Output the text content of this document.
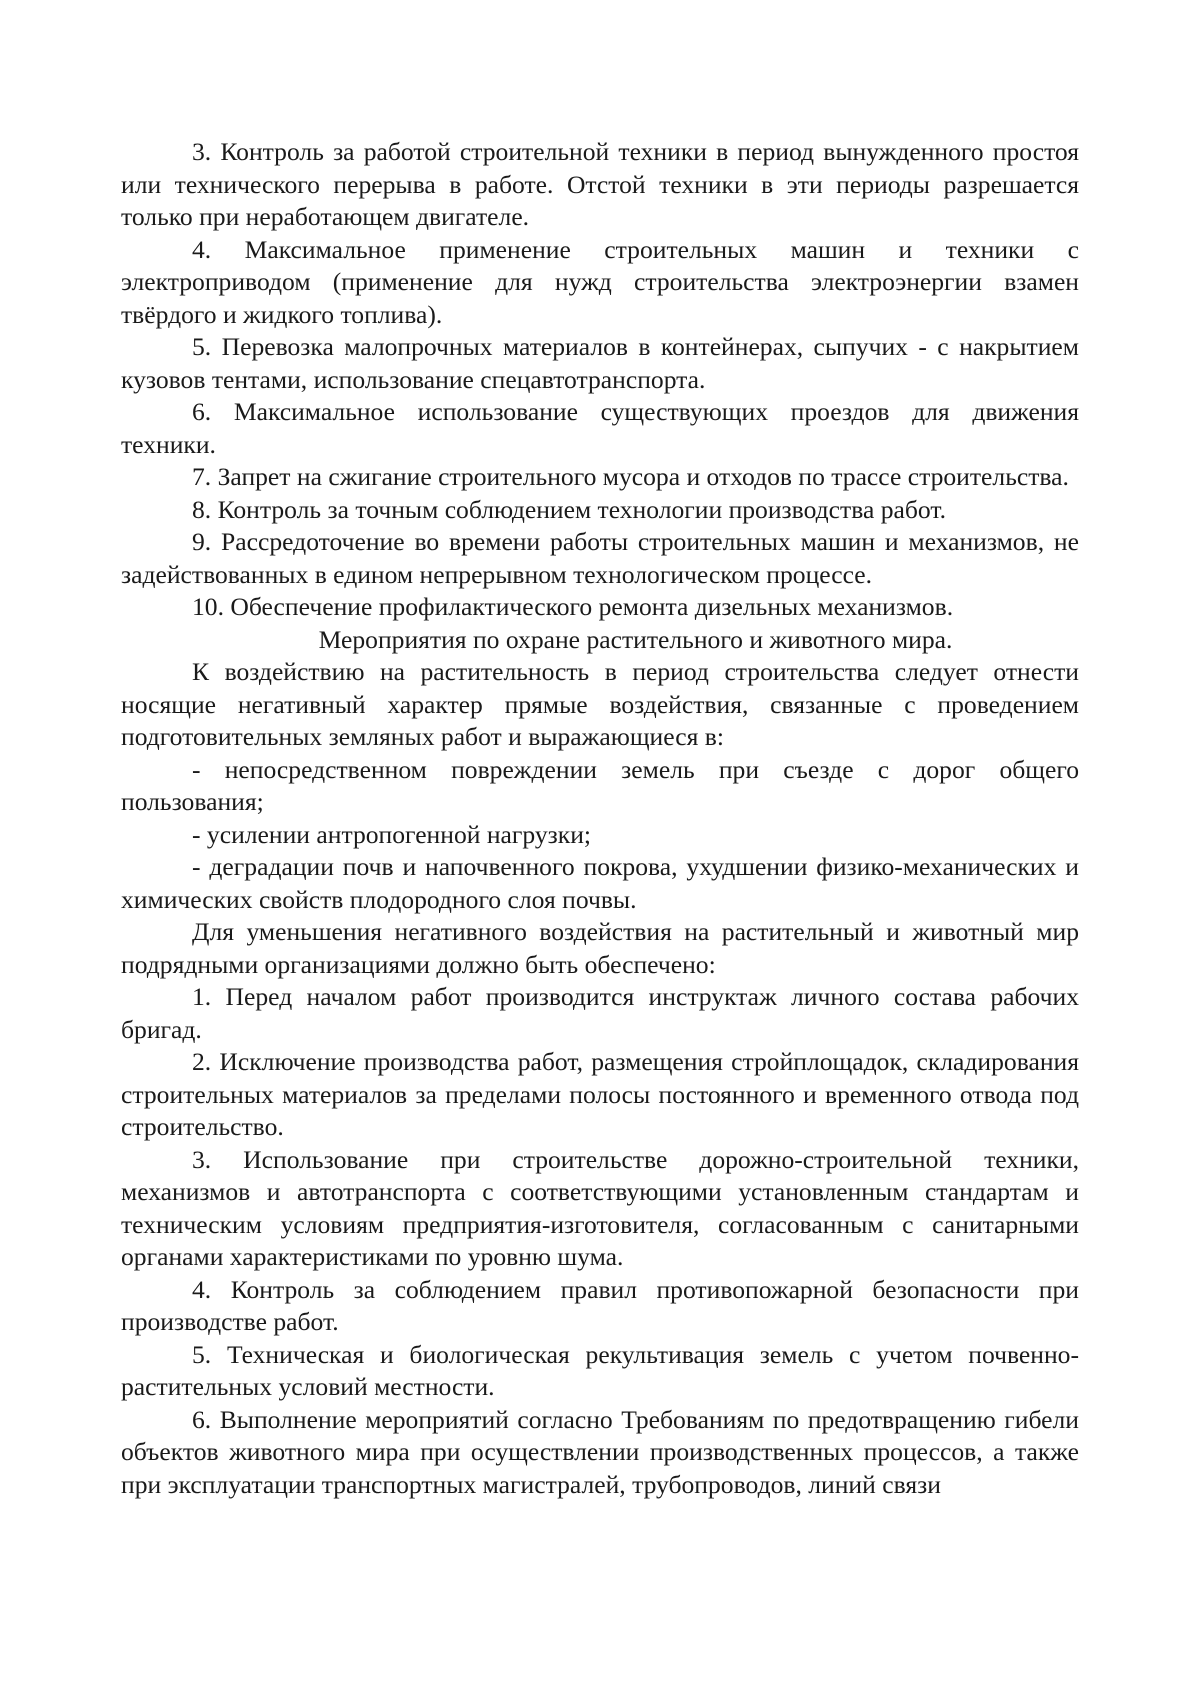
3. Контроль за работой строительной техники в период вынужденного простоя или технического перерыва в работе. Отстой техники в эти периоды разрешается только при неработающем двигателе.

4. Максимальное применение строительных машин и техники с электроприводом (применение для нужд строительства электроэнергии взамен твёрдого и жидкого топлива).

5. Перевозка малопрочных материалов в контейнерах, сыпучих - с накрытием кузовов тентами, использование спецавтотранспорта.

6. Максимальное использование существующих проездов для движения техники.

7. Запрет на сжигание строительного мусора и отходов по трассе строительства.

8. Контроль за точным соблюдением технологии производства работ.

9. Рассредоточение во времени работы строительных машин и механизмов, не задействованных в едином непрерывном технологическом процессе.

10. Обеспечение профилактического ремонта дизельных механизмов.

Мероприятия по охране растительного и животного мира.

К воздействию на растительность в период строительства следует отнести носящие негативный характер прямые воздействия, связанные с проведением подготовительных земляных работ и выражающиеся в:

- непосредственном повреждении земель при съезде с дорог общего пользования;

- усилении антропогенной нагрузки;

- деградации почв и напочвенного покрова, ухудшении физико-механических и химических свойств плодородного слоя почвы.

Для уменьшения негативного воздействия на растительный и животный мир подрядными организациями должно быть обеспечено:

1. Перед началом работ производится инструктаж личного состава рабочих бригад.

2. Исключение производства работ, размещения стройплощадок, складирования строительных материалов за пределами полосы постоянного и временного отвода под строительство.

3. Использование при строительстве дорожно-строительной техники, механизмов и автотранспорта с соответствующими установленным стандартам и техническим условиям предприятия-изготовителя, согласованным с санитарными органами характеристиками по уровню шума.

4. Контроль за соблюдением правил противопожарной безопасности при производстве работ.

5. Техническая и биологическая рекультивация земель с учетом почвенно-растительных условий местности.

6. Выполнение мероприятий согласно Требованиям по предотвращению гибели объектов животного мира при осуществлении производственных процессов, а также при эксплуатации транспортных магистралей, трубопроводов, линий связи
